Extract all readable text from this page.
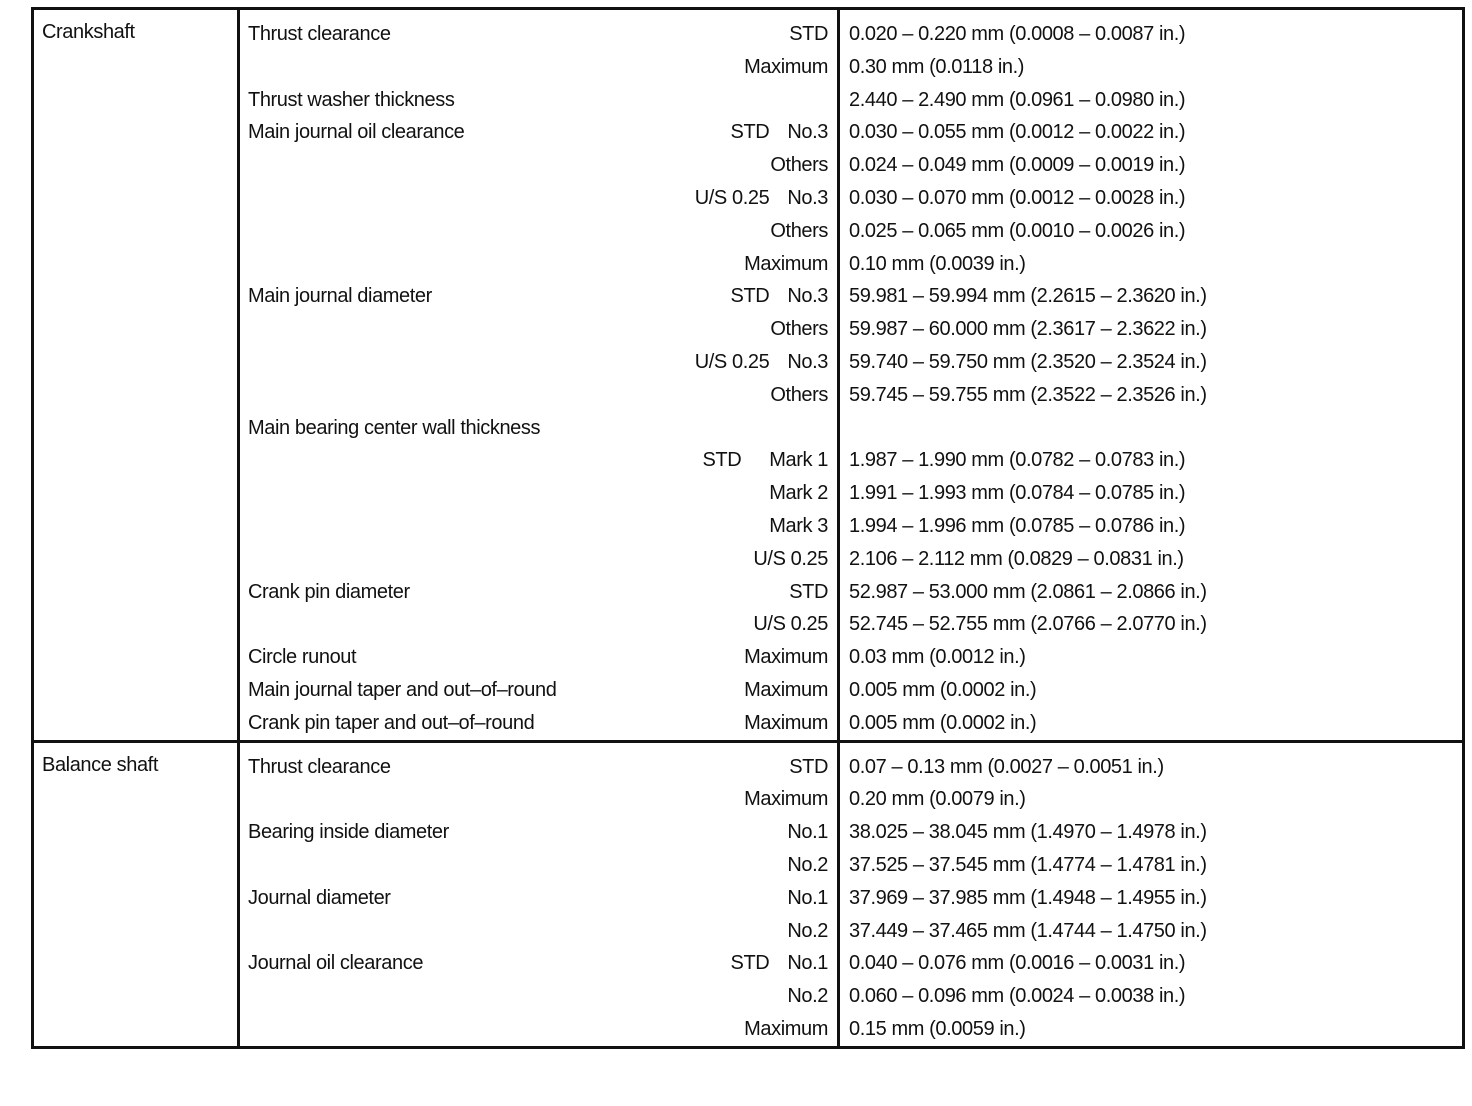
Crankshaft	Thrust clearance	STD	0.020 – 0.220 mm (0.0008 – 0.0087 in.)
		Maximum	0.30 mm (0.0118 in.)
	Thrust washer thickness		2.440 – 2.490 mm (0.0961 – 0.0980 in.)
	Main journal oil clearance	STD No.3	0.030 – 0.055 mm (0.0012 – 0.0022 in.)
		Others	0.024 – 0.049 mm (0.0009 – 0.0019 in.)
		U/S 0.25 No.3	0.030 – 0.070 mm (0.0012 – 0.0028 in.)
		Others	0.025 – 0.065 mm (0.0010 – 0.0026 in.)
		Maximum	0.10 mm (0.0039 in.)
	Main journal diameter	STD No.3	59.981 – 59.994 mm (2.2615 – 2.3620 in.)
		Others	59.987 – 60.000 mm (2.3617 – 2.3622 in.)
		U/S 0.25 No.3	59.740 – 59.750 mm (2.3520 – 2.3524 in.)
		Others	59.745 – 59.755 mm (2.3522 – 2.3526 in.)
	Main bearing center wall thickness		
		STD Mark 1	1.987 – 1.990 mm (0.0782 – 0.0783 in.)
		Mark 2	1.991 – 1.993 mm (0.0784 – 0.0785 in.)
		Mark 3	1.994 – 1.996 mm (0.0785 – 0.0786 in.)
		U/S 0.25	2.106 – 2.112 mm (0.0829 – 0.0831 in.)
	Crank pin diameter	STD	52.987 – 53.000 mm (2.0861 – 2.0866 in.)
		U/S 0.25	52.745 – 52.755 mm (2.0766 – 2.0770 in.)
	Circle runout	Maximum	0.03 mm (0.0012 in.)
	Main journal taper and out–of–round	Maximum	0.005 mm (0.0002 in.)
	Crank pin taper and out–of–round	Maximum	0.005 mm (0.0002 in.)
Balance shaft	Thrust clearance	STD	0.07 – 0.13 mm (0.0027 – 0.0051 in.)
		Maximum	0.20 mm (0.0079 in.)
	Bearing inside diameter	No.1	38.025 – 38.045 mm (1.4970 – 1.4978 in.)
		No.2	37.525 – 37.545 mm (1.4774 – 1.4781 in.)
	Journal diameter	No.1	37.969 – 37.985 mm (1.4948 – 1.4955 in.)
		No.2	37.449 – 37.465 mm (1.4744 – 1.4750 in.)
	Journal oil clearance	STD No.1	0.040 – 0.076 mm (0.0016 – 0.0031 in.)
		No.2	0.060 – 0.096 mm (0.0024 – 0.0038 in.)
		Maximum	0.15 mm (0.0059 in.)
